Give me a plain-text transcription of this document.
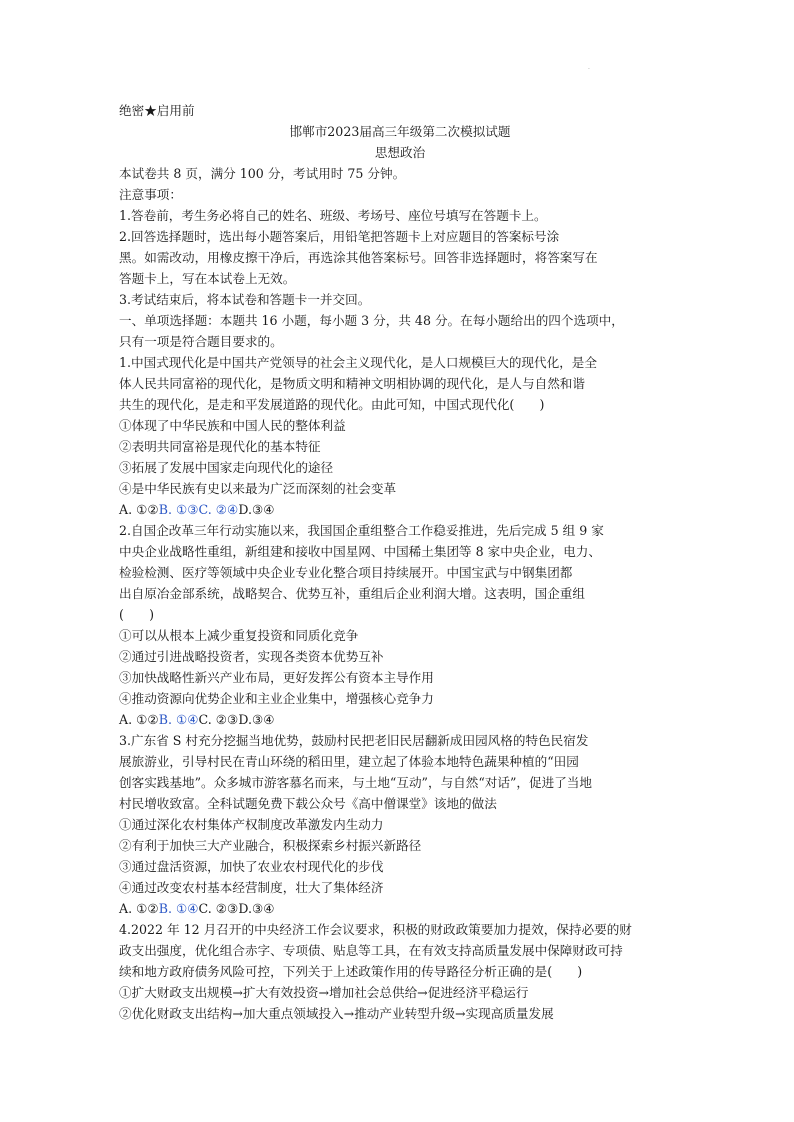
·
绝密★启用前
邯郸市2023届高三年级第二次模拟试题
思想政治
本试卷共 8 页，满分 100 分，考试用时 75 分钟。
注意事项：
1.答卷前，考生务必将自己的姓名、班级、考场号、座位号填写在答题卡上。
2.回答选择题时，选出每小题答案后，用铅笔把答题卡上对应题目的答案标号涂
黑。如需改动，用橡皮擦干净后，再选涂其他答案标号。回答非选择题时，将答案写在
答题卡上，写在本试卷上无效。
3.考试结束后，将本试卷和答题卡一并交回。
一、单项选择题：本题共 16 小题，每小题 3 分，共 48 分。在每小题给出的四个选项中，
只有一项是符合题目要求的。
1.中国式现代化是中国共产党领导的社会主义现代化，是人口规模巨大的现代化，是全
体人民共同富裕的现代化，是物质文明和精神文明相协调的现代化，是人与自然和谐
共生的现代化，是走和平发展道路的现代化。由此可知，中国式现代化(　　)
①体现了中华民族和中国人民的整体利益
②表明共同富裕是现代化的基本特征
③拓展了发展中国家走向现代化的途径
④是中华民族有史以来最为广泛而深刻的社会变革
A. ①②B. ①③C. ②④D.③④
2.自国企改革三年行动实施以来，我国国企重组整合工作稳妥推进，先后完成 5 组 9 家
中央企业战略性重组，新组建和接收中国星网、中国稀土集团等 8 家中央企业，电力、
检验检测、医疗等领域中央企业专业化整合项目持续展开。中国宝武与中钢集团都
出自原冶金部系统，战略契合、优势互补，重组后企业利润大增。这表明，国企重组
(　　)
①可以从根本上减少重复投资和同质化竞争
②通过引进战略投资者，实现各类资本优势互补
③加快战略性新兴产业布局，更好发挥公有资本主导作用
④推动资源向优势企业和主业企业集中，增强核心竞争力
A. ①②B. ①④C. ②③D.③④
3.广东省 S 村充分挖掘当地优势，鼓励村民把老旧民居翻新成田园风格的特色民宿发
展旅游业，引导村民在青山环绕的稻田里，建立起了体验本地特色蔬果种植的“田园
创客实践基地”。众多城市游客慕名而来，与土地“互动”，与自然“对话”，促进了当地
村民增收致富。全科试题免费下载公众号《高中僧课堂》该地的做法
①通过深化农村集体产权制度改革激发内生动力
②有利于加快三大产业融合，积极探索乡村振兴新路径
③通过盘活资源，加快了农业农村现代化的步伐
④通过改变农村基本经营制度，壮大了集体经济
A. ①②B. ①④C. ②③D.③④
4.2022 年 12 月召开的中央经济工作会议要求，积极的财政政策要加力提效，保持必要的财
政支出强度，优化组合赤字、专项债、贴息等工具，在有效支持高质量发展中保障财政可持
续和地方政府债务风险可控，下列关于上述政策作用的传导路径分析正确的是(　　)
①扩大财政支出规模→扩大有效投资→增加社会总供给→促进经济平稳运行
②优化财政支出结构→加大重点领域投入→推动产业转型升级→实现高质量发展
